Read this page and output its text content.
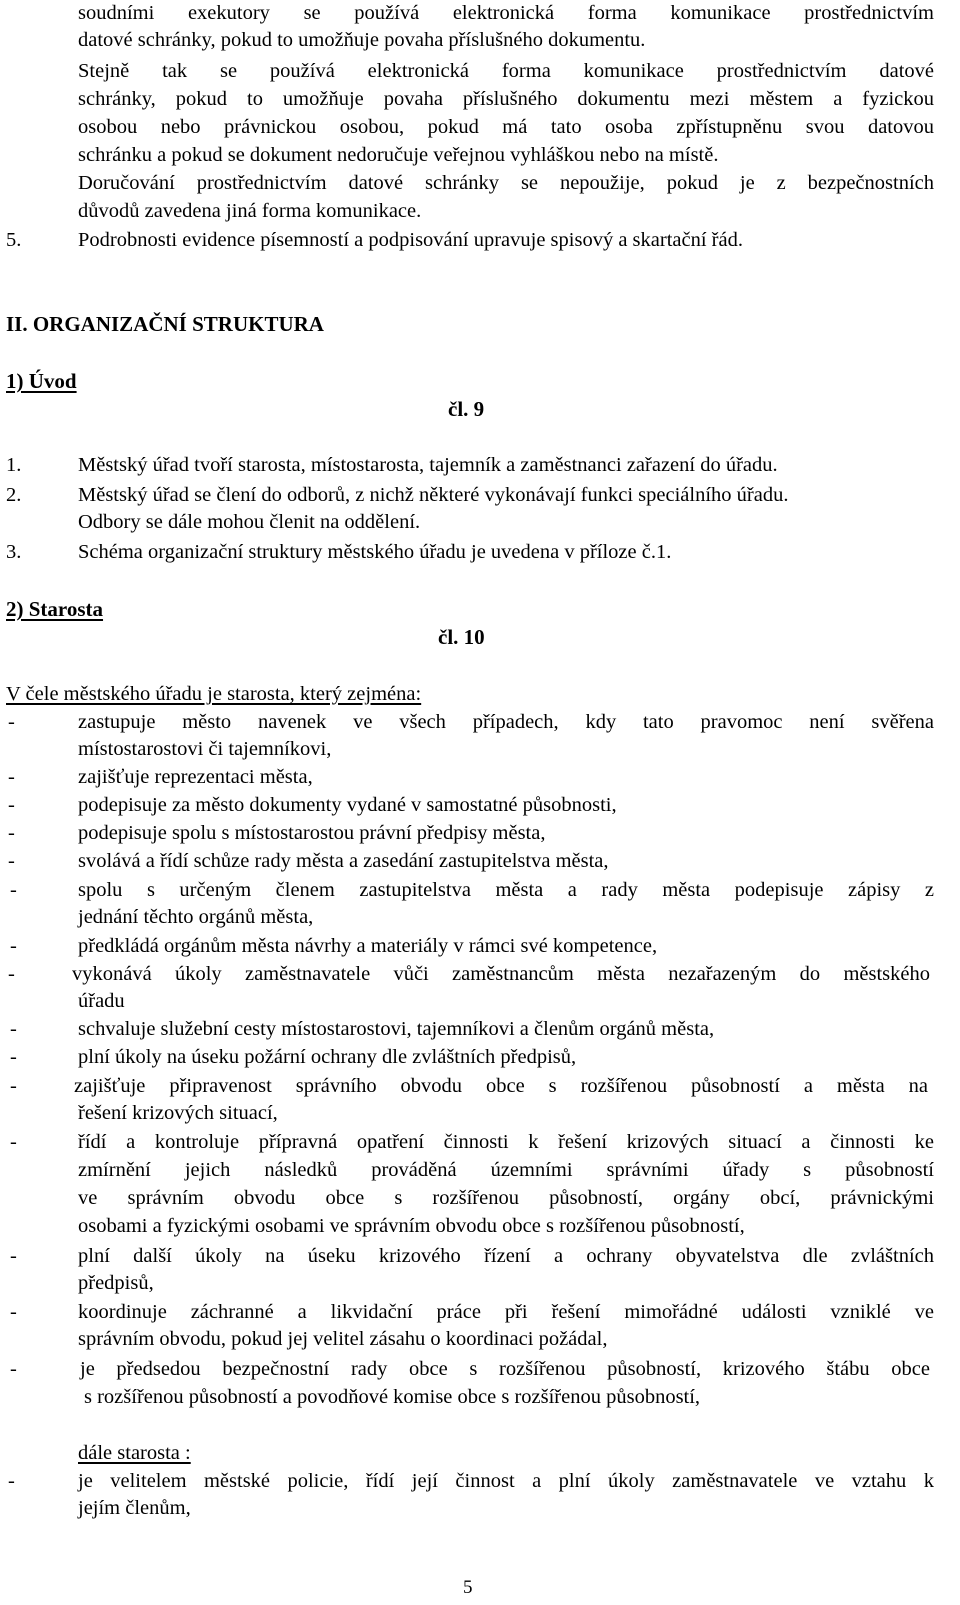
soudními exekutory se používá elektronická forma komunikace prostřednictvím
datové schránky, pokud to umožňuje povaha příslušného dokumentu.
Stejně tak se používá elektronická forma komunikace prostřednictvím datové
schránky, pokud to umožňuje povaha příslušného dokumentu mezi městem a fyzickou
osobou nebo právnickou osobou, pokud má tato osoba zpřístupněnu svou datovou
schránku a pokud se dokument nedoručuje veřejnou vyhláškou nebo na místě.
Doručování prostřednictvím datové schránky se nepoužije, pokud je z bezpečnostních
důvodů zavedena jiná forma komunikace.
5.	Podrobnosti evidence písemností a podpisování upravuje spisový a skartační řád.
II. ORGANIZAČNÍ STRUKTURA
1) Úvod
čl. 9
1.	Městský úřad tvoří starosta, místostarosta, tajemník a zaměstnanci zařazení do úřadu.
2.	Městský úřad se člení do odborů, z nichž některé vykonávají funkci speciálního úřadu.
Odbory se dále mohou členit na oddělení.
3.	Schéma organizační struktury městského úřadu je uvedena v příloze č.1.
2) Starosta
čl. 10
V čele městského úřadu je starosta, který zejména:
-	zastupuje město navenek ve všech případech, kdy tato pravomoc není svěřena
místostarostovi či tajemníkovi,
-	zajišťuje reprezentaci města,
-	podepisuje za město dokumenty vydané v samostatné působnosti,
-	podepisuje spolu s místostarostou právní předpisy města,
-	svolává a řídí schůze rady města a zasedání zastupitelstva města,
-	spolu s určeným členem zastupitelstva města a rady města podepisuje zápisy z
jednání těchto orgánů města,
-	předkládá orgánům města návrhy a materiály v rámci své kompetence,
-	vykonává úkoly zaměstnavatele vůči zaměstnancům města nezařazeným do městského
úřadu
-	schvaluje služební cesty místostarostovi, tajemníkovi a členům orgánů města,
-	plní úkoly na úseku požární ochrany dle zvláštních předpisů,
-	zajišťuje připravenost správního obvodu obce s rozšířenou působností a města na
řešení krizových situací,
-	řídí a kontroluje přípravná opatření činnosti k řešení krizových situací a činnosti ke
zmírnění jejich následků prováděná územními správními úřady s působností
ve správním obvodu obce s rozšířenou působností, orgány obcí, právnickými
osobami a fyzickými osobami ve správním obvodu obce s rozšířenou působností,
-	plní další úkoly na úseku krizového řízení a ochrany obyvatelstva dle zvláštních
předpisů,
-	koordinuje záchranné a likvidační práce při řešení mimořádné události vzniklé ve
správním obvodu, pokud jej velitel zásahu o koordinaci požádal,
-	je předsedou bezpečnostní rady obce s rozšířenou působností, krizového štábu obce
s rozšířenou působností a povodňové komise obce s rozšířenou působností,
dále starosta :
-	je velitelem městské policie, řídí její činnost a plní úkoly zaměstnavatele ve vztahu k
jejím členům,
5
